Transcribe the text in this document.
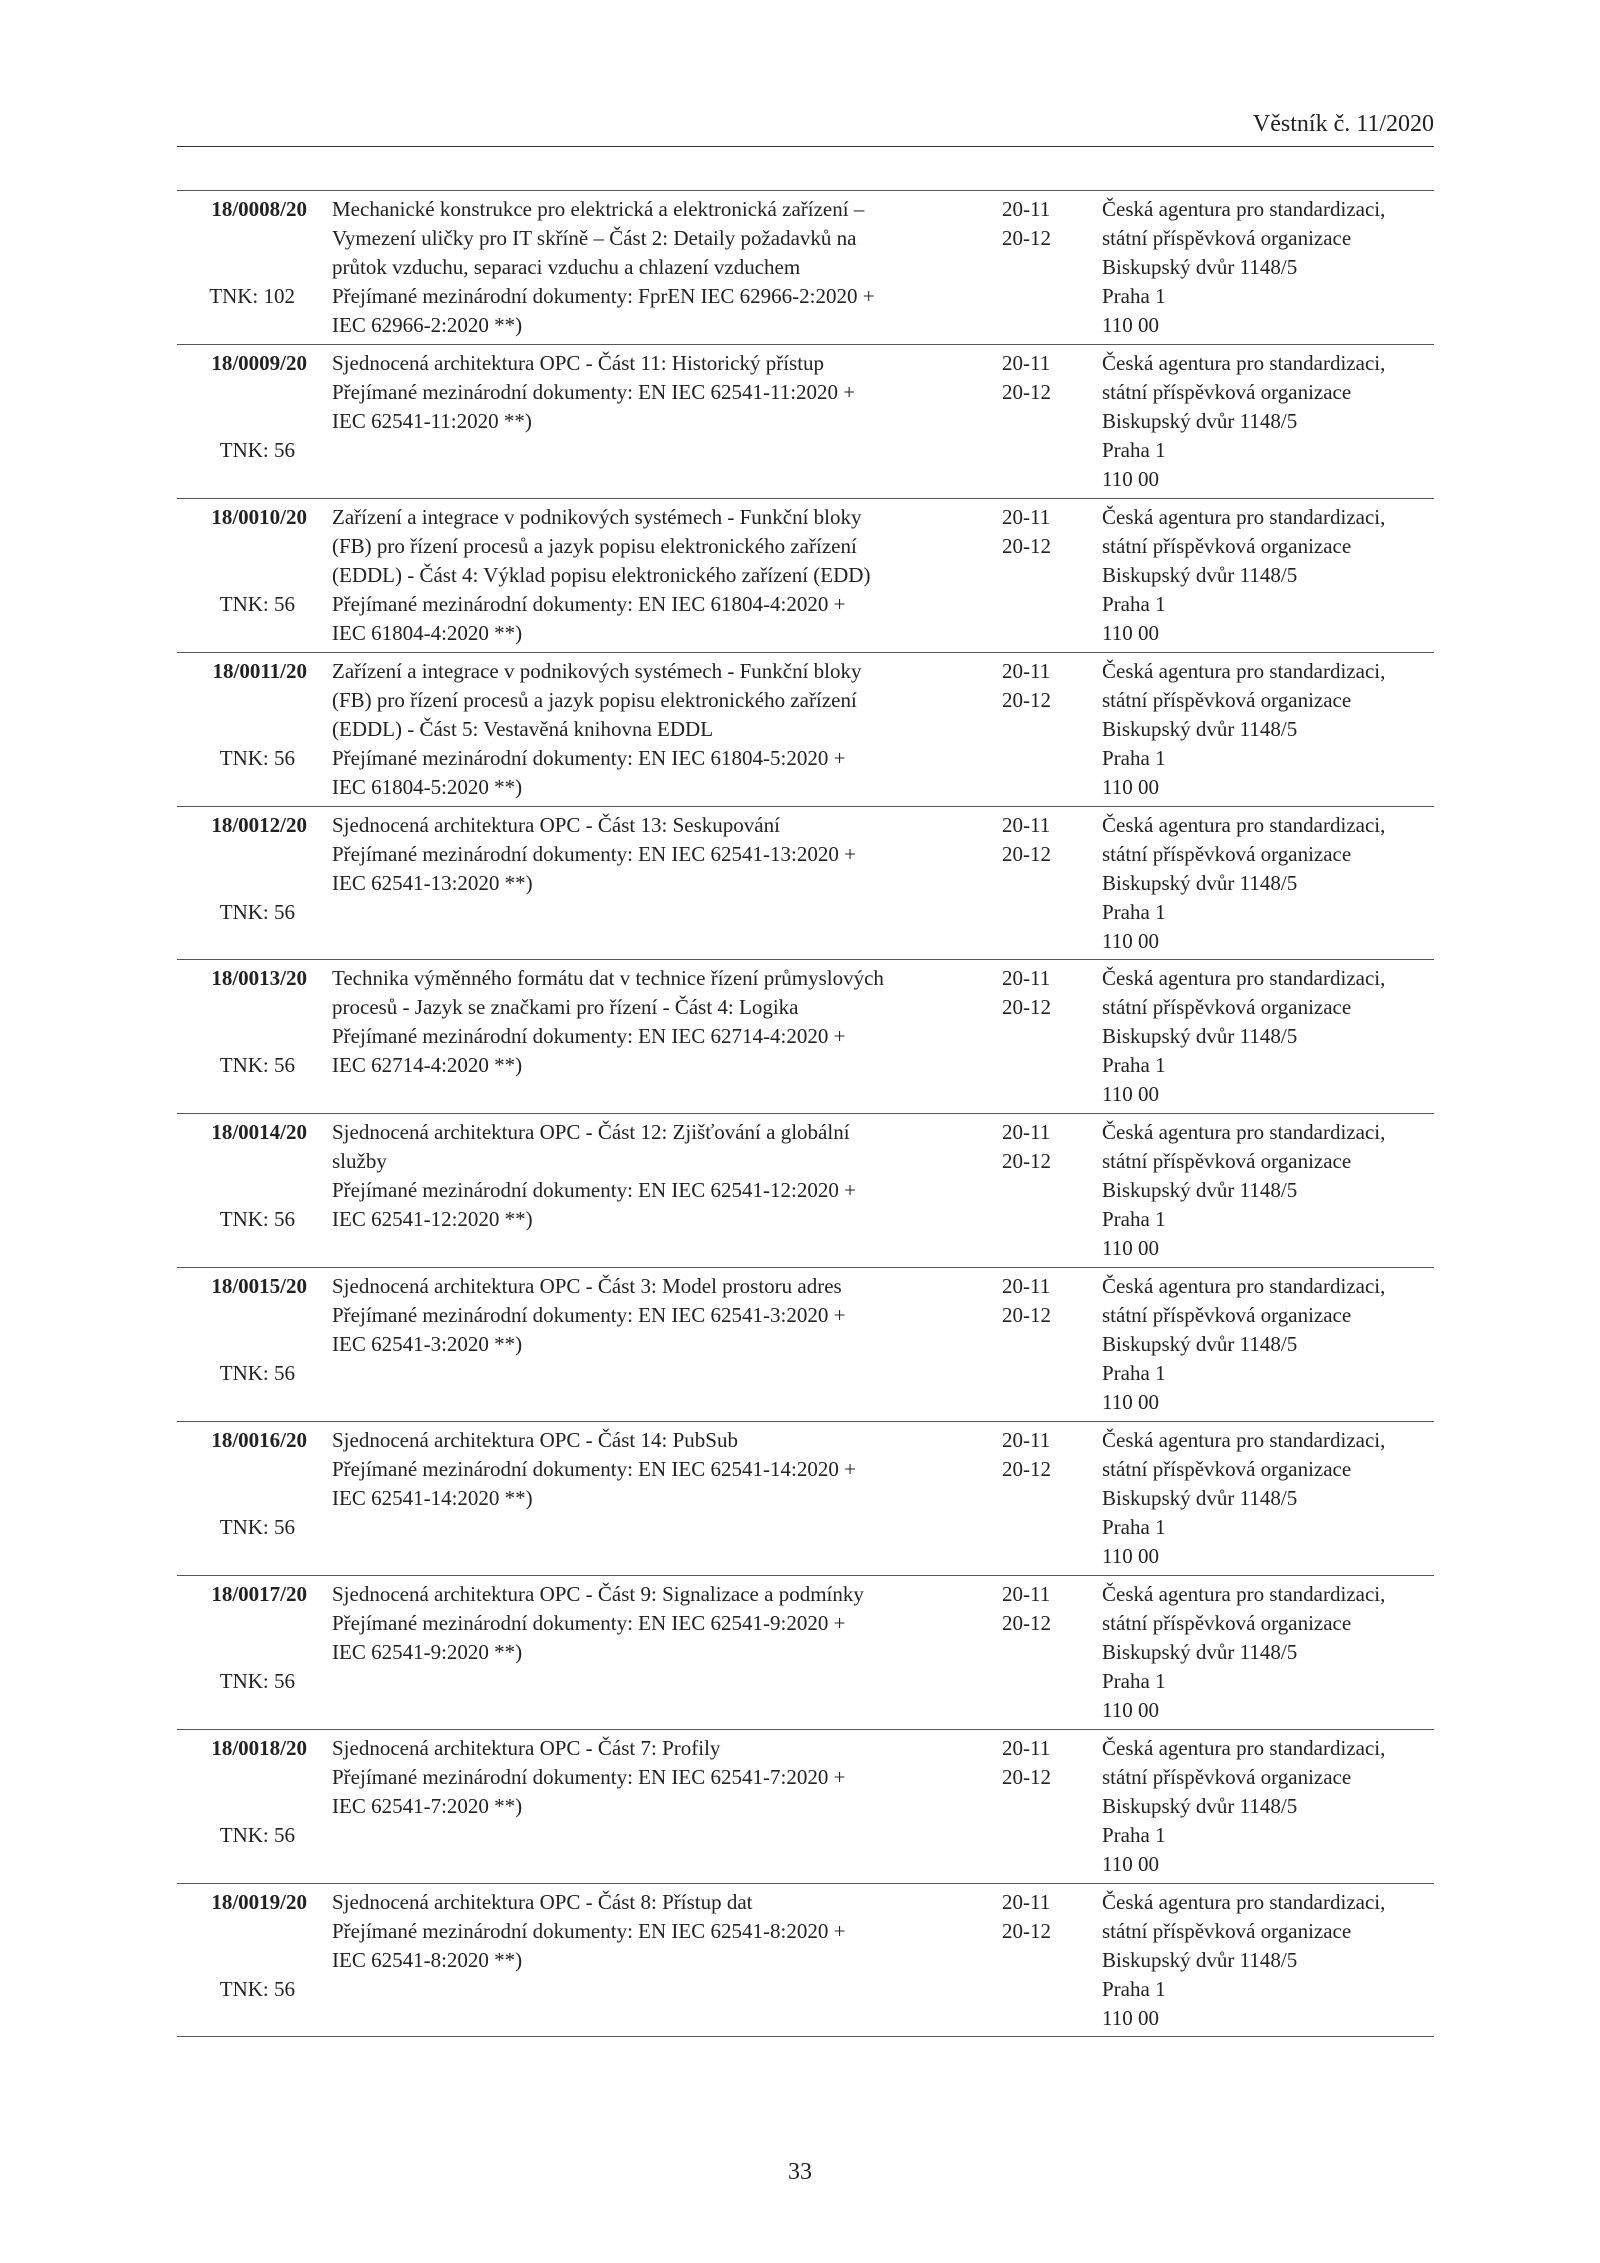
Věstník č. 11/2020
18/0008/20
TNK: 102
Mechanické konstrukce pro elektrická a elektronická zařízení –
Vymezení uličky pro IT skříně – Část 2: Detaily požadavků na
průtok vzduchu, separaci vzduchu a chlazení vzduchem
Přejímané mezinárodní dokumenty: FprEN IEC 62966-2:2020 +
IEC 62966-2:2020 **)
20-11
20-12
Česká agentura pro standardizaci,
státní příspěvková organizace
Biskupský dvůr 1148/5
Praha 1
110 00
18/0009/20
TNK: 56
Sjednocená architektura OPC - Část 11: Historický přístup
Přejímané mezinárodní dokumenty: EN IEC 62541-11:2020 +
IEC 62541-11:2020 **)
20-11
20-12
Česká agentura pro standardizaci,
státní příspěvková organizace
Biskupský dvůr 1148/5
Praha 1
110 00
18/0010/20
TNK: 56
Zařízení a integrace v podnikových systémech - Funkční bloky
(FB) pro řízení procesů a jazyk popisu elektronického zařízení
(EDDL) - Část 4: Výklad popisu elektronického zařízení (EDD)
Přejímané mezinárodní dokumenty: EN IEC 61804-4:2020 +
IEC 61804-4:2020 **)
20-11
20-12
Česká agentura pro standardizaci,
státní příspěvková organizace
Biskupský dvůr 1148/5
Praha 1
110 00
18/0011/20
TNK: 56
Zařízení a integrace v podnikových systémech - Funkční bloky
(FB) pro řízení procesů a jazyk popisu elektronického zařízení
(EDDL) - Část 5: Vestavěná knihovna EDDL
Přejímané mezinárodní dokumenty: EN IEC 61804-5:2020 +
IEC 61804-5:2020 **)
20-11
20-12
Česká agentura pro standardizaci,
státní příspěvková organizace
Biskupský dvůr 1148/5
Praha 1
110 00
18/0012/20
TNK: 56
Sjednocená architektura OPC - Část 13: Seskupování
Přejímané mezinárodní dokumenty: EN IEC 62541-13:2020 +
IEC 62541-13:2020 **)
20-11
20-12
Česká agentura pro standardizaci,
státní příspěvková organizace
Biskupský dvůr 1148/5
Praha 1
110 00
18/0013/20
TNK: 56
Technika výměnného formátu dat v technice řízení průmyslových
procesů - Jazyk se značkami pro řízení - Část 4: Logika
Přejímané mezinárodní dokumenty: EN IEC 62714-4:2020 +
IEC 62714-4:2020 **)
20-11
20-12
Česká agentura pro standardizaci,
státní příspěvková organizace
Biskupský dvůr 1148/5
Praha 1
110 00
18/0014/20
TNK: 56
Sjednocená architektura OPC - Část 12: Zjišťování a globální
služby
Přejímané mezinárodní dokumenty: EN IEC 62541-12:2020 +
IEC 62541-12:2020 **)
20-11
20-12
Česká agentura pro standardizaci,
státní příspěvková organizace
Biskupský dvůr 1148/5
Praha 1
110 00
18/0015/20
TNK: 56
Sjednocená architektura OPC - Část 3: Model prostoru adres
Přejímané mezinárodní dokumenty: EN IEC 62541-3:2020 +
IEC 62541-3:2020 **)
20-11
20-12
Česká agentura pro standardizaci,
státní příspěvková organizace
Biskupský dvůr 1148/5
Praha 1
110 00
18/0016/20
TNK: 56
Sjednocená architektura OPC - Část 14: PubSub
Přejímané mezinárodní dokumenty: EN IEC 62541-14:2020 +
IEC 62541-14:2020 **)
20-11
20-12
Česká agentura pro standardizaci,
státní příspěvková organizace
Biskupský dvůr 1148/5
Praha 1
110 00
18/0017/20
TNK: 56
Sjednocená architektura OPC - Část 9: Signalizace a podmínky
Přejímané mezinárodní dokumenty: EN IEC 62541-9:2020 +
IEC 62541-9:2020 **)
20-11
20-12
Česká agentura pro standardizaci,
státní příspěvková organizace
Biskupský dvůr 1148/5
Praha 1
110 00
18/0018/20
TNK: 56
Sjednocená architektura OPC - Část 7: Profily
Přejímané mezinárodní dokumenty: EN IEC 62541-7:2020 +
IEC 62541-7:2020 **)
20-11
20-12
Česká agentura pro standardizaci,
státní příspěvková organizace
Biskupský dvůr 1148/5
Praha 1
110 00
18/0019/20
TNK: 56
Sjednocená architektura OPC - Část 8: Přístup dat
Přejímané mezinárodní dokumenty: EN IEC 62541-8:2020 +
IEC 62541-8:2020 **)
20-11
20-12
Česká agentura pro standardizaci,
státní příspěvková organizace
Biskupský dvůr 1148/5
Praha 1
110 00
33
